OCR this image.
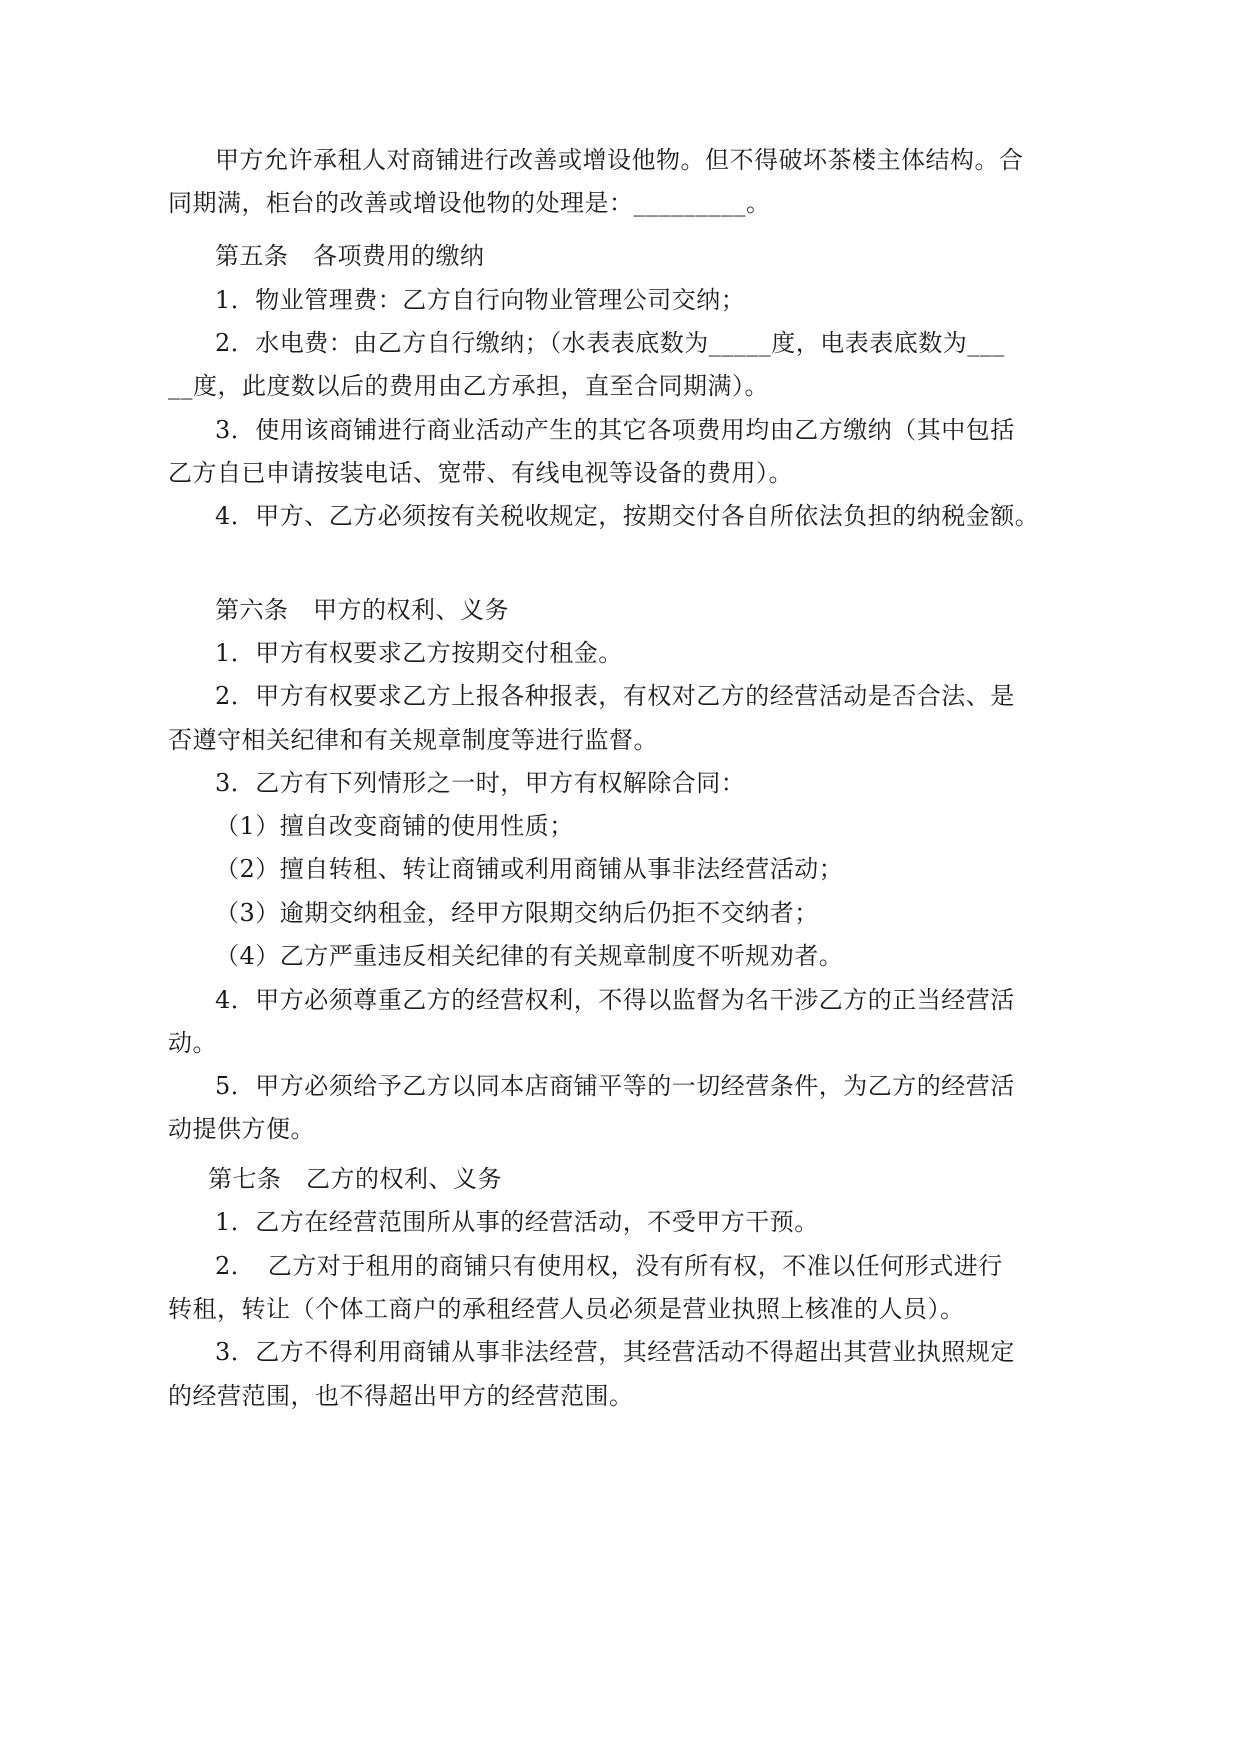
甲方允许承租人对商铺进行改善或增设他物。但不得破坏茶楼主体结构。合
同期满，柜台的改善或增设他物的处理是：_________。
第五条　各项费用的缴纳
1．物业管理费：乙方自行向物业管理公司交纳；
2．水电费：由乙方自行缴纳；（水表表底数为_____度，电表表底数为___
__度，此度数以后的费用由乙方承担，直至合同期满）。
3．使用该商铺进行商业活动产生的其它各项费用均由乙方缴纳（其中包括
乙方自已申请按装电话、宽带、有线电视等设备的费用）。
4．甲方、乙方必须按有关税收规定，按期交付各自所依法负担的纳税金额。
第六条　甲方的权利、义务
1．甲方有权要求乙方按期交付租金。
2．甲方有权要求乙方上报各种报表，有权对乙方的经营活动是否合法、是
否遵守相关纪律和有关规章制度等进行监督。
3．乙方有下列情形之一时，甲方有权解除合同：
（1）擅自改变商铺的使用性质；
（2）擅自转租、转让商铺或利用商铺从事非法经营活动；
（3）逾期交纳租金，经甲方限期交纳后仍拒不交纳者；
（4）乙方严重违反相关纪律的有关规章制度不听规劝者。
4．甲方必须尊重乙方的经营权利，不得以监督为名干涉乙方的正当经营活
动。
5．甲方必须给予乙方以同本店商铺平等的一切经营条件，为乙方的经营活
动提供方便。
第七条　乙方的权利、义务
1．乙方在经营范围所从事的经营活动，不受甲方干预。
2．　乙方对于租用的商铺只有使用权，没有所有权，不准以任何形式进行
转租，转让（个体工商户的承租经营人员必须是营业执照上核准的人员）。
3．乙方不得利用商铺从事非法经营，其经营活动不得超出其营业执照规定
的经营范围，也不得超出甲方的经营范围。
